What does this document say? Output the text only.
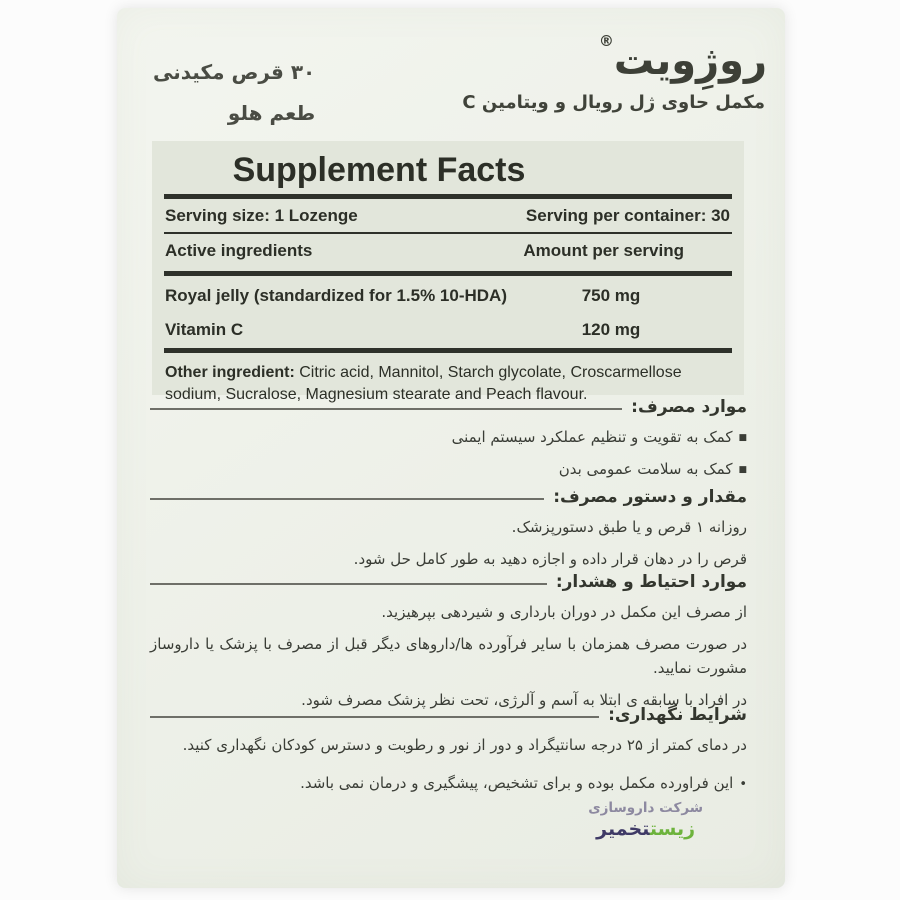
۳۰ قرص مکیدنی
طعم هلو
روژِویت®
مکمل حاوی ژل رویال و ویتامین C
Supplement Facts
Serving size: 1 Lozenge	Serving per container: 30
Active ingredients	Amount per serving
Royal jelly (standardized for 1.5% 10-HDA)	750 mg
Vitamin C	120 mg
Other ingredient: Citric acid, Mannitol, Starch glycolate, Croscarmellose sodium, Sucralose, Magnesium stearate and Peach flavour.
موارد مصرف:

■کمک به تقویت و تنظیم عملکرد سیستم ایمنی

■کمک به سلامت عمومی بدن

مقدار و دستور مصرف:

روزانه ۱ قرص و یا طبق دستورپزشک.

قرص را در دهان قرار داده و اجازه دهید به طور کامل حل شود.

موارد احتیاط و هشدار:

از مصرف این مکمل در دوران بارداری و شیردهی بپرهیزید.

در صورت مصرف همزمان با سایر فرآورده ها/داروهای دیگر قبل از مصرف با پزشک یا داروساز مشورت نمایید.

در افراد با سابقه ی ابتلا به آسم و آلرژی، تحت نظر پزشک مصرف شود.

شرایط نگهداری:

در دمای کمتر از ۲۵ درجه سانتیگراد و دور از نور و رطوبت و دسترس کودکان نگهداری کنید.

•این فراورده مکمل بوده و برای تشخیص، پیشگیری و درمان نمی باشد.

شرکت داروسازی
زیستتخمیر
